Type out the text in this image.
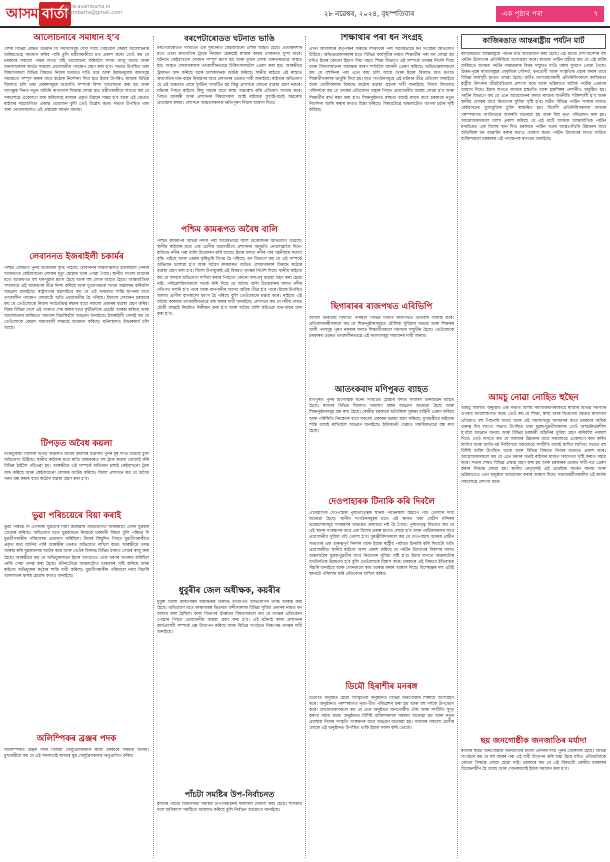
আসম বার্তা
www.asambarta.in
asambarta@gmail.com	২৮ নৱেম্বৰ, ২০২৪, বৃহস্পতিবাৰ	এক পৃষ্ঠাৰ পৰা	৭
আলোচনাৰে সমাধান হ’ব
দেশৰ বিভিন্ন প্ৰান্তত বৰ্তমান যি সমস্যাসমূহ দেখা দিছে সেইবোৰ কেৱল আলোচনাৰ জৰিয়তেহে সমাধান কৰিব পাৰি বুলি মন্ত্ৰীগৰাকীয়ে মত প্ৰকাশ কৰে। তেওঁ কয় যে চৰকাৰে সকলো পক্ষৰ লগত বহি আলোচনা কৰিবলৈ সদায় সাজু আছে আৰু জনসাধাৰণৰ স্বাৰ্থত সকলো প্ৰয়োজনীয় পদক্ষেপ গ্ৰহণ কৰা হ’ব। সভাত উপস্থিত থকা বিষয়াসকলে বিভিন্ন বিষয়ত নিজৰ মতামত দাঙি ধৰে আৰু উন্নয়নমূলক কামসমূহ সময়মতে সম্পূৰ্ণ কৰাৰ বাবে কঠোৰ নিৰ্দেশনা দিয়া হয়। ইয়াৰ উপৰিও ৰাজ্যৰ বিভিন্ন জিলাত চলি থকা প্ৰকল্পসমূহৰ অগ্ৰগতি সম্পৰ্কে বিশদ আলোচনা কৰা হয় আৰু আগন্তুক দিনত নতুন আঁচনি ৰূপায়ণৰ সিদ্ধান্ত লোৱা হয়। মন্ত্ৰীগৰাকীয়ে লগতে কয় যে সকলোৱে একেলগে কাম কৰিলেহে ৰাজ্যৰ প্ৰকৃত উন্নয়ন সম্ভৱ হ’ব আৰু এই ক্ষেত্ৰত ৰাইজৰ সহযোগিতা একান্ত প্ৰয়োজন বুলি তেওঁ উল্লেখ কৰে। সভাত উপস্থিত থকা অন্য নেতাসকলেও এই প্ৰস্তাৱক সমৰ্থন জনায়।
লেবাননত ইজৰাইলী চকাৰ্মৰ
পশ্চিম এছিয়াত পুনৰ উত্তেজনা বৃদ্ধি পাইছে। লেবাননৰ দক্ষিণাঞ্চলত ইজৰাইলী সেনাৰ আক্ৰমণত কেইবাজনো লোকৰ মৃত্যু হোৱাৰ খবৰ পোৱা গৈছে। স্থানীয় সংবাদ মাধ্যমৰ মতে আক্ৰমণত বহু ঘৰ-দুৱাৰ ধ্বংস হৈছে আৰু বহু লোক আহত হৈছে। আন্তৰ্জাতিক সম্প্ৰদায়ে এই আক্ৰমণৰ তীব্ৰ নিন্দা কৰিছে আৰু দুয়োপক্ষকে সংযম অৱলম্বন কৰিবলৈ আহ্বান জনাইছে। ৰাষ্ট্ৰসংঘৰ মহাসচিবে কয় যে এই অঞ্চলত শান্তি স্থাপনৰ বাবে তৎকালীন পদক্ষেপ লোৱাটো অতি প্ৰয়োজনীয় হৈ পৰিছে। ইফালে লেবানন চৰকাৰে কয় যে তেওঁলোকে নিজৰ সাৰ্বভৌমত্ব ৰক্ষাৰ বাবে সকলো প্ৰকাৰৰ ব্যৱস্থা গ্ৰহণ কৰিব। বিশ্বৰ বিভিন্ন দেশে এই সংঘাত শেষ কৰাৰ বাবে কূটনৈতিক প্ৰচেষ্টা আৰম্ভ কৰিছে আৰু আলোচনাৰ জৰিয়তে সমাধান বিচাৰিবলৈ আহ্বান জনাইছে। ইজৰাইলী সেনাই কয় যে তেওঁলোকে কেৱল সন্ত্ৰাসবাদী লক্ষ্যহে আক্ৰমণ কৰিছে। ঘটনাস্থলত উদ্ধাৰকাৰ্য চলি আছে।
টিপড়ত অবৈধ কয়লা
তিনিচুকীয়া জিলাৰ টিপড় অঞ্চলত অবৈধ কয়লাৰ ব্যৱসায় পুনৰ মূৰ দাঙি উঠিছে বুলি অভিযোগ উঠিছে। স্থানীয় ৰাইজৰ মতে ৰাতি অন্ধকাৰত বহু ট্ৰাক কয়লা বোজাই কৰি বিভিন্ন ঠাইলৈ পঠিওৱা হয়। আৰক্ষীয়ে এই সম্পৰ্কে অভিযান চলাই কেইবাখনো ট্ৰাক জব্দ কৰিছে আৰু কেইবাজনো লোকক আটক কৰিছে। জিলা প্ৰশাসনে কয় যে অবৈধ খনন বন্ধ কৰাৰ বাবে কঠোৰ ব্যৱস্থা গ্ৰহণ কৰা হ’ব।
ভুৱা পৰিচয়েৰে বিয়া কৰাই
ভুৱা পৰিচয় দি এগৰাকী যুৱতীক বিয়া কৰোৱাৰ অভিযোগত আৰক্ষীয়ে এজন যুৱকক গ্ৰেপ্তাৰ কৰিছে। অভিযোগ মতে যুৱকজনে নিজকে চৰকাৰী বিষয়া বুলি পৰিচয় দি যুৱতীগৰাকীৰ পৰিয়ালক প্ৰতাৰণা কৰিছিল। বিয়াৰ কিছুদিন পিছত যুৱতীগৰাকীয়ে প্ৰকৃত কথা জানিব পাৰি আৰক্ষীৰ ওচৰত অভিযোগ দাখিল কৰে। আৰক্ষীয়ে তদন্ত আৰম্ভ কৰি যুৱকজনক আটক কৰে আৰু তেওঁৰ বিৰুদ্ধে বিভিন্ন ধাৰাত গোচৰ ৰুজু কৰা হৈছে। আৰক্ষীয়ে কয় যে অভিযুক্তজনে ইয়াৰ আগতেও একে ধৰণৰ অপৰাধ কৰিছিল নেকি সেয়া তদন্ত কৰা হৈছে। ঘটনাটোৱে অঞ্চলটোত চাঞ্চল্যৰ সৃষ্টি কৰিছে আৰু ৰাইজে অভিযুক্তৰ কঠোৰ শাস্তি দাবী কৰিছে। যুৱতীগৰাকীৰ পৰিয়ালে ন্যায় বিচাৰি আদালতৰ দ্বাৰস্থ হোৱাৰ কথাও জনাইছে।
অলিম্পিকৰ ব্ৰঞ্জৰ পদক
অলিম্পিকত ব্ৰঞ্জৰ পদক বিজয়ী খেলুৱৈগৰাকীক ৰাজ্য চৰকাৰে সম্বৰ্ধনা জনায়। মুখ্যমন্ত্ৰীয়ে কয় যে এই সফলতাই ৰাজ্যৰ যুৱ খেলুৱৈসকলক অনুপ্ৰাণিত কৰিব।
বৰপেটাৰোডত ঘটনাত ভাঙি
বৰপেটাৰোডত সংঘটিত এক দুৰ্ঘটনাত কেইবাজনো লোক আহত হৈছে। প্ৰত্যক্ষদৰ্শীৰ মতে এখন দ্ৰুতগতিৰ ট্ৰাকে নিয়ন্ত্ৰণ হেৰুৱাই ৰাস্তাৰ কাষৰ দোকানত খুন্দা মাৰে। ঘটনাত কেইবাখনো দোকান সম্পূৰ্ণ ধ্বংস হয় আৰু দুজন লোক গুৰুতৰভাৱে আহত হয়। আহত লোকসকলক তৎকালীনভাৱে চিকিৎসালয়লৈ প্ৰেৰণ কৰা হয়। আৰক্ষীয়ে ট্ৰাকখন জব্দ কৰিছে আৰু চালকজনক আটক কৰিছে। স্থানীয় ৰাইজে এই ৰাস্তাত দ্ৰুতগতিৰ যান-বাহন নিয়ন্ত্ৰণৰ বাবে প্ৰশাসনৰ ওচৰত দাবী জনাইছে। ৰাইজৰ অভিযোগ যে এই অঞ্চলত প্ৰায়ে দুৰ্ঘটনা সংঘটিত হয় কিন্তু প্ৰশাসনে কোনো ব্যৱস্থা গ্ৰহণ নকৰে। ঘটনাৰ পিছত ৰাইজে কিছু সময়ৰ বাবে ৰাস্তা অৱৰোধ কৰি প্ৰতিবাদ সাব্যস্ত কৰে। পিছত আৰক্ষী আৰু প্ৰশাসনৰ বিষয়াসকল আহি ৰাইজক বুজাই-বঢ়াই অৱৰোধ প্ৰত্যাহাৰ কৰায়। প্ৰশাসনে আহতসকলক ক্ষতিপূৰণ দিয়াৰ আশ্বাস দিয়ে।
পশ্চিম কামৰূপত অবৈধ বালি
পশ্চিম কামৰূপৰ বিভিন্ন নদীৰ পৰা অবৈধভাৱে বালি উত্তোলনৰ অভিযোগ উঠিছে। স্থানীয় ৰাইজৰ মতে এক শ্ৰেণীৰ ব্যৱসায়ীয়ে প্ৰশাসনৰ অনুমতি নোলোৱাকৈ দিনে-ৰাতিয়ে নদীৰ পৰা বালি উত্তোলন কৰি আছে। ইয়াৰ ফলত নদীৰ পাৰ খহনীয়াৰ সমস্যা বৃদ্ধি পাইছে আৰু ওচৰৰ কৃষিভূমি বিপন্ন হৈ পৰিছে। বন বিভাগে কয় যে এই সম্পৰ্কে অভিযান চলোৱা হ’ব আৰু অবৈধ কাৰবাৰত জড়িত লোকসকলৰ বিৰুদ্ধে কঠোৰ ব্যৱস্থা গ্ৰহণ কৰা হ’ব। জিলা উপায়ুক্তই এই বিষয়ত তদন্তৰ নিৰ্দেশ দিছে। স্থানীয় ৰাইজে কয় যে বহুবাৰ অভিযোগ দাখিল কৰাৰ পিছতো কোনো ফলপ্ৰসূ ব্যৱস্থা গ্ৰহণ কৰা হোৱা নাই। পৰিৱেশবিদসকলে সতৰ্ক কৰি দিছে যে অবৈধ বালি উত্তোলনৰ ফলত নদীৰ গতিপথ সলনি হ’ব পাৰে আৰু বানপানীৰ সমস্যা অধিক তীব্ৰ হ’ব পাৰে। ইয়াৰ উপৰিও জলজ প্ৰাণীৰ বাসস্থানো ধ্বংস হৈ পৰিছে বুলি তেওঁলোকে মন্তব্য কৰে। ৰাইজে এই অবৈধ কাৰবাৰ তৎকালীনভাৱে বন্ধ কৰাৰ দাবী জনাইছে। প্ৰশাসনে কয় যে নদীৰ পাৰত চৌকী বহুৱাই নিয়মিত নিৰীক্ষণ কৰা হ’ব আৰু অবৈধ বালি কঢ়িওৱা যান-বাহন জব্দ কৰা হ’ব।
ধুবুৰীৰ জেল অধীক্ষক, কয়ৰীৰ
ধুবুৰী জিলা কাৰাগাৰৰ অধীক্ষকৰ বিৰুদ্ধে উত্থাপিত অভিযোগৰ তদন্ত আৰম্ভ কৰা হৈছে। অভিযোগ মতে কাৰাগাৰৰ ভিতৰত বন্দীসকলক বিভিন্ন সুবিধা প্ৰদানৰ নামত ধন আদায় কৰা হৈছিল। কাৰা বিভাগৰ ঊৰ্ধ্বতন বিষয়াসকলে কয় যে তদন্তৰ প্ৰতিবেদন পোৱাৰ পিছত প্ৰয়োজনীয় ব্যৱস্থা গ্ৰহণ কৰা হ’ব। এই ঘটনাই কাৰা প্ৰশাসনৰ কাৰ্যপ্ৰণালী সম্পৰ্কে প্ৰশ্ন উত্থাপন কৰিছে আৰু বিভিন্ন সংগঠনে নিৰপেক্ষ তদন্তৰ দাবী জনাইছে।
পাঁচটা সমষ্টিৰ উপ-নিৰ্বাচনত
ৰাজ্যৰ পাঁচটা বিধানসভা সমষ্টিৰ উপ-নিৰ্বাচনৰ ফলাফল ঘোষণা কৰা হৈছে। শাসকীয় দলে অধিকাংশ সমষ্টিতে জয়লাভ কৰিছে বুলি নিৰ্বাচন আয়োগে জনাইছে।
শিক্ষাৰ্থীৰ পৰা ধন সংগ্ৰহ
এখন বিদ্যালয়ৰ কৰ্তৃপক্ষৰ বিৰুদ্ধে শিক্ষাৰ্থীৰ পৰা অবৈধভাৱে ধন সংগ্ৰহৰ অভিযোগ উঠিছে। অভিভাৱকসকলৰ মতে বিভিন্ন কাৰ্যসূচীৰ নামত শিক্ষাৰ্থীৰ পৰা ধন লোৱা হয় যদিও ইয়াৰ কোনো হিচাপ দিয়া নহয়। শিক্ষা বিভাগে এই সম্পৰ্কে তদন্তৰ নিৰ্দেশ দিছে আৰু বিদ্যালয়খনৰ অধ্যক্ষক কাৰণ দৰ্শাবলৈ জাননী প্ৰেৰণ কৰিছে। অভিভাৱকসকলে কয় যে বহুদিনৰ পৰা এনে কাম চলি আছে আৰু ইয়াৰ বিৰুদ্ধে মাত মতাত শিক্ষাৰ্থীসকলক ভাবুকি দিয়া হয়। ছাত্ৰ সংগঠনসমূহে এই ঘটনাৰ তীব্ৰ প্ৰতিবাদ জনাইছে আৰু দোষীসকলৰ বিৰুদ্ধে কঠোৰ ব্যৱস্থা গ্ৰহণৰ দাবী জনাইছে। জিলা বিদ্যালয় পৰিদৰ্শকে কয় যে তদন্তৰ প্ৰতিবেদন অহাৰ পিছত প্ৰয়োজনীয় ব্যৱস্থা লোৱা হ’ব আৰু শিক্ষাৰ্থীৰ স্বাৰ্থ ৰক্ষা কৰা হ’ব। শিক্ষানুষ্ঠানত স্বচ্ছতা বজাই ৰখাৰ বাবে চৰকাৰে নতুন নিৰ্দেশনা জাৰি কৰাৰ কথাও চিন্তা কৰিছে। বিষয়টোৱে অঞ্চলটোত ব্যাপক চৰ্চাৰ সৃষ্টি কৰিছে।
ছিগাৰাৰৰ ৰাজপথত এবিভিপি
অখিল ভাৰতীয় বিদ্যাৰ্থী পৰিষদে বিভিন্ন দাবীত ৰাজপথত প্ৰতিবাদ সাব্যস্ত কৰে। প্ৰতিবাদকাৰীসকলে কয় যে শিক্ষানুষ্ঠানসমূহত মৌলিক সুবিধাৰ অভাৱ আৰু শিক্ষকৰ খালী পদসমূহ পূৰণ নকৰাৰ ফলত শিক্ষাৰ্থীসকলে সমস্যাৰ সন্মুখীন হৈছে। তেওঁলোকে চৰকাৰৰ ওচৰত তৎকালীনভাৱে এই সমস্যাসমূহ সমাধানৰ দাবী জনায়।
আতংকবাদ মণিপুৰত ব্যাহত
মণিপুৰত পুনৰ হিংসাত্মক ঘটনা সংঘটিত হোৱাৰ ফলত সাধাৰণ জনজীৱন ব্যাহত হৈছে। ৰাজ্যৰ বিভিন্ন জিলাত সাধাৰণ বন্ধৰ আহ্বান জনোৱা হৈছে আৰু শিক্ষানুষ্ঠানসমূহ বন্ধ ৰখা হৈছে। কেন্দ্ৰীয় চৰকাৰে অতিৰিক্ত সুৰক্ষা বাহিনী প্ৰেৰণ কৰিছে আৰু পৰিস্থিতি নিয়ন্ত্ৰণৰ বাবে সকলো প্ৰকাৰৰ ব্যৱস্থা গ্ৰহণ কৰিছে। মুখ্যমন্ত্ৰীয়ে ৰাইজক শান্তি বজাই ৰাখিবলৈ আহ্বান জনাইছে। ইন্টাৰনেট সেৱাও সাময়িকভাৱে বন্ধ ৰখা হৈছে।
দেওপাহাৰক টিনাকি কৰি দিবলৈ
ঐতিহাসিক দেওপাহাৰ পুৰাতাত্ত্বিক স্থানক পৰ্যটনস্থলী হিচাপে গঢ়ি তোলাৰ দাবী জনোৱা হৈছে। স্থানীয় সংগঠনসমূহৰ মতে এই স্থানত থকা প্ৰাচীন মন্দিৰৰ ভগ্নাৱশেষসমূহ সংৰক্ষণৰ অভাৱত ক্ৰমান্বয়ে নষ্ট হৈ গৈছে। পুৰাতত্ত্ব বিভাগে কয় যে এই স্থানৰ সংৰক্ষণৰ বাবে এক বিশেষ প্ৰকল্প হাতত লোৱা হ’ব আৰু পৰ্যটকসকলৰ বাবে প্ৰয়োজনীয় সুবিধা গঢ়ি তোলা হ’ব। বুৰঞ্জীবিদসকলে কয় যে দেওপাহাৰ অসমৰ প্ৰাচীন সভ্যতাৰ এক গুৰুত্বপূৰ্ণ নিদৰ্শন আৰু ইয়াক ৰাষ্ট্ৰীয় পৰ্যায়ত চিনাকি কৰি দিয়াটো অতি প্ৰয়োজনীয়। স্থানীয় ৰাইজে আশা প্ৰকাশ কৰিছে যে পৰ্যটন উদ্যোগৰ বিকাশৰ ফলত অঞ্চলটোৰ যুৱক-যুৱতীৰ বাবে নিয়োগৰ সুবিধা সৃষ্টি হ’ব। ইয়াৰ লগতে অঞ্চলটোৰ অৰ্থনৈতিক উন্নয়নো হ’ব বুলি তেওঁলোকে বিশ্বাস কৰে। চৰকাৰে এই বিষয়ত ইতিবাচক সঁহাৰি জনাইছে আৰু সোনকালে কাম আৰম্ভ কৰাৰ আশ্বাস দিছে। বিশেষজ্ঞৰ দল এটাই স্থানটো পৰিদৰ্শন কৰি প্ৰতিবেদন দাখিল কৰিব।
ডিমৌ হিৰাশীৰ মনৰঙ্গ
ডিমৌত অনুষ্ঠিত হোৱা সাংস্কৃতিক অনুষ্ঠানত বিভিন্ন জনগোষ্ঠীৰ শিল্পীয়ে অংশগ্ৰহণ কৰে। অনুষ্ঠানত পৰম্পৰাগত নৃত্য-গীত পৰিৱেশন কৰা হয় আৰু বহু দৰ্শকে উপভোগ কৰে। আয়োজকসকলে কয় যে এনে অনুষ্ঠানে জনগোষ্ঠীয় ঐক্য আৰু সম্প্ৰীতি সুদৃঢ় কৰাত সহায় কৰে। অনুষ্ঠানত বিশিষ্ট ব্যক্তিসকলক সম্বৰ্ধনা জনোৱা হয় আৰু নতুন প্ৰজন্মক নিজৰ সংস্কৃতি সংৰক্ষণৰ বাবে আহ্বান জনোৱা হয়। সমাজৰ সকলো শ্ৰেণীৰ লোকে এই অনুষ্ঠানত উপস্থিত থাকি ইয়াক সফল কৰি তোলে।
কাজিৰঙাত আন্তৰাষ্ট্ৰীয় পৰ্যটন মাৰ্ট
কাজিৰঙাত আন্তৰাষ্ট্ৰীয় পৰ্যটন মাৰ্ট আয়োজন কৰা হৈছে। এই মাৰ্টত দেশ-বিদেশৰ বহু পৰ্যটন উদ্যোগৰ প্ৰতিনিধিয়ে অংশগ্ৰহণ কৰে। ৰাজ্যৰ পৰ্যটন মন্ত্ৰীয়ে কয় যে এই মাৰ্টৰ জৰিয়তে অসমৰ পৰ্যটন সম্ভাৱনাক বিশ্বৰ সন্মুখত দাঙি ধৰাৰ সুযোগ পোৱা গৈছে। উত্তৰ-পূৱৰ ৰাজ্যসমূহৰ প্ৰাকৃতিক সৌন্দৰ্য, বন্যপ্ৰাণী আৰু সংস্কৃতিক প্ৰচাৰ কৰাৰ বাবে বিভিন্ন কাৰ্যসূচী হাতত লোৱা হৈছে। মাৰ্টত অংশগ্ৰহণকাৰী প্ৰতিনিধিসকলে কাজিৰঙা ৰাষ্ট্ৰীয় উদ্যানৰ জীৱবৈচিত্ৰ্যৰ প্ৰশংসা কৰে আৰু ভৱিষ্যতে অধিক পৰ্যটক প্ৰেৰণৰ আশ্বাস দিয়ে। ইয়াৰ লগতে ৰাজ্যৰ হস্ততাঁত আৰু হস্তশিল্পৰ প্ৰদৰ্শনীও অনুষ্ঠিত হয়। পৰ্যটন বিভাগে কয় যে এনে আয়োজনৰ ফলত ৰাজ্যৰ অৰ্থনীতি শক্তিশালী হ’ব আৰু স্থানীয় লোকৰ বাবে নিয়োগৰ সুবিধা সৃষ্টি হ’ব। মাৰ্টত বিভিন্ন পৰ্যটন সংস্থাৰ মাজত কেইবাখনো বুজাবুজিৰ চুক্তি স্বাক্ষৰিত হয়। বিদেশী প্ৰতিনিধিসকলক অসমৰ পৰম্পৰাগত আতিথ্যৰে আদৰণি জনোৱা হয় আৰু বিহু নৃত্য পৰিৱেশন কৰা হয়। আয়োজকসকলে আশা প্ৰকাশ কৰিছে যে এই মাৰ্টে অসমক আন্তৰ্জাতিক পৰ্যটন মানচিত্ৰত এক বিশেষ স্থান দিব। চৰকাৰে পৰ্যটন খণ্ডৰ আন্তঃগাঁথনি উন্নয়নৰ বাবে অতিৰিক্ত ধন আৱণ্টন কৰাৰ কথাও ঘোষণা কৰে। পৰ্যটন উদ্যোগৰ লগত জড়িত ব্যক্তিসকলে চৰকাৰৰ এই পদক্ষেপক স্বাগতম জনাইছে।
আমচু নোৱা নোহিত হুছৈন
আমচু জিলাত অনুষ্ঠিত এক সভাত বিশিষ্ট সমাজকৰ্মীগৰাকীয়ে ৰাজ্যৰ বিভিন্ন সমস্যাৰ ওপৰত আলোকপাত কৰে। তেওঁ কয় যে শিক্ষা, স্বাস্থ্য আৰু নিয়োগৰ ক্ষেত্ৰত ৰাজ্যখন এতিয়াও বহু পিছপৰি আছে আৰু এই সমস্যাসমূহ সমাধানৰ বাবে চৰকাৰে অধিক গুৰুত্ব দিব লাগে। সভাত উপস্থিত থকা যুৱক-যুৱতীসকলক তেওঁ আত্মনিৰ্ভৰশীল হ’বলৈ আহ্বান জনায় আৰু বিভিন্ন চৰকাৰী আঁচনিৰ সুবিধা গ্ৰহণ কৰিবলৈ পৰামৰ্শ দিয়ে। তেওঁ লগতে কয় যে সমাজৰ উন্নয়নৰ বাবে সকলোৱে একেলগে কাম কৰিব লাগিব আৰু জাতি-ধৰ্ম নিৰ্বিশেষে সকলোৱে সম্প্ৰীতি বজাই ৰাখিব লাগিব। সভাত বহু বিশিষ্ট ব্যক্তি উপস্থিত থাকে আৰু বিভিন্ন বিষয়ত নিজৰ মতামত প্ৰকাশ কৰে। আয়োজকসকলে কয় যে এনে ধৰণৰ সভাই ৰাইজৰ মাজত সজাগতা সৃষ্টি কৰাত সহায় কৰে। সভাৰ শেষত বিভিন্ন প্ৰস্তাৱ গ্ৰহণ কৰা হয় আৰু চৰকাৰৰ ওচৰত দাবী-পত্ৰ প্ৰেৰণ কৰাৰ সিদ্ধান্ত লোৱা হয়। স্থানীয় নেতৃবৃন্দই এই প্ৰচেষ্টাক সমৰ্থন জনায় আৰু ভৱিষ্যতেও এনে অনুষ্ঠান আয়োজন কৰাৰ আশ্বাস দিয়ে। সমাজকৰ্মীগৰাকীৰ এই কাৰ্যক সকলোৱে প্ৰশংসা কৰে।
ছয় জনগোষ্ঠীক জনজাতিৰ মৰ্যাদা
ৰাজ্যৰ ছয়টা জনগোষ্ঠীক জনজাতিৰ মৰ্যাদা প্ৰদানৰ দাবী পুনৰ জোৰদাৰ হৈছে। বিভিন্ন সংগঠনে কয় যে বহু বছৰৰ পৰা এই দাবী উত্থাপন কৰি অহা হৈছে যদিও এতিয়ালৈকে কোনো সিদ্ধান্ত লোৱা হোৱা নাই। চৰকাৰে কয় যে এই বিষয়টো কেন্দ্ৰীয় চৰকাৰৰ বিবেচনাধীন হৈ আছে আৰু সোনকালেই ইয়াৰ সমাধান কৰা হ’ব।
